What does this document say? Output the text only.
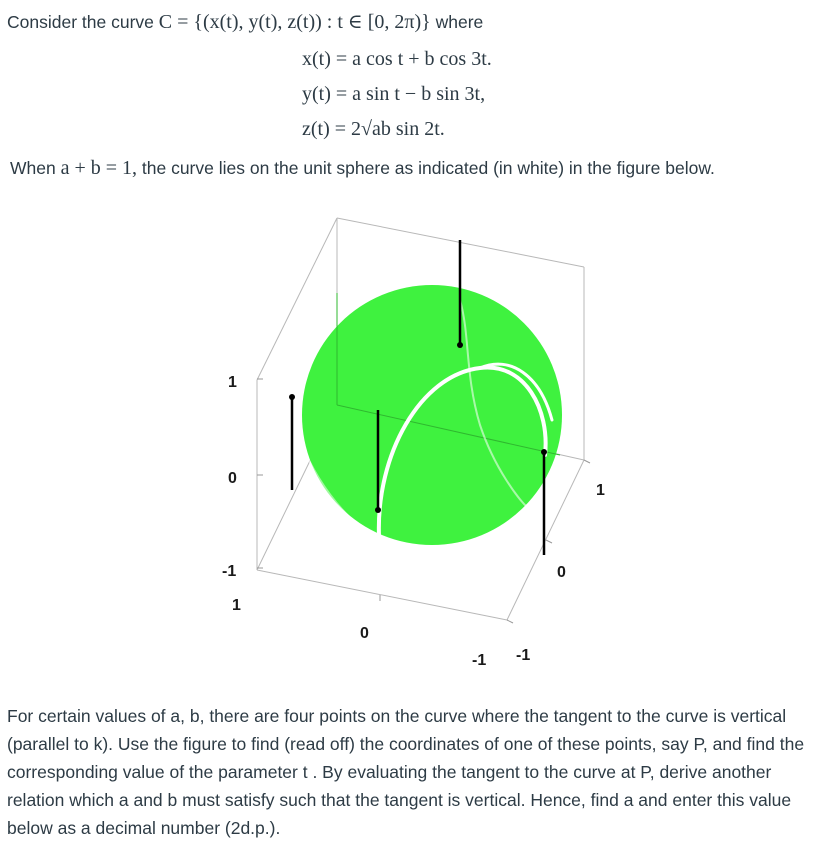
Consider the curve C = {(x(t), y(t), z(t)) : t ∈ [0, 2π)} where
x(t) = a cos t + b cos 3t.
y(t) = a sin t − b sin 3t,
z(t) = 2√ab sin 2t.
When a + b = 1, the curve lies on the unit sphere as indicated (in white) in the figure below.
1
0
-1
1
0
-1
1
0
-1
For certain values of a, b, there are four points on the curve where the tangent to the curve is vertical (parallel to k). Use the figure to find (read off) the coordinates of one of these points, say P, and find the corresponding value of the parameter t . By evaluating the tangent to the curve at P, derive another relation which a and b must satisfy such that the tangent is vertical. Hence, find a and enter this value below as a decimal number (2d.p.).
